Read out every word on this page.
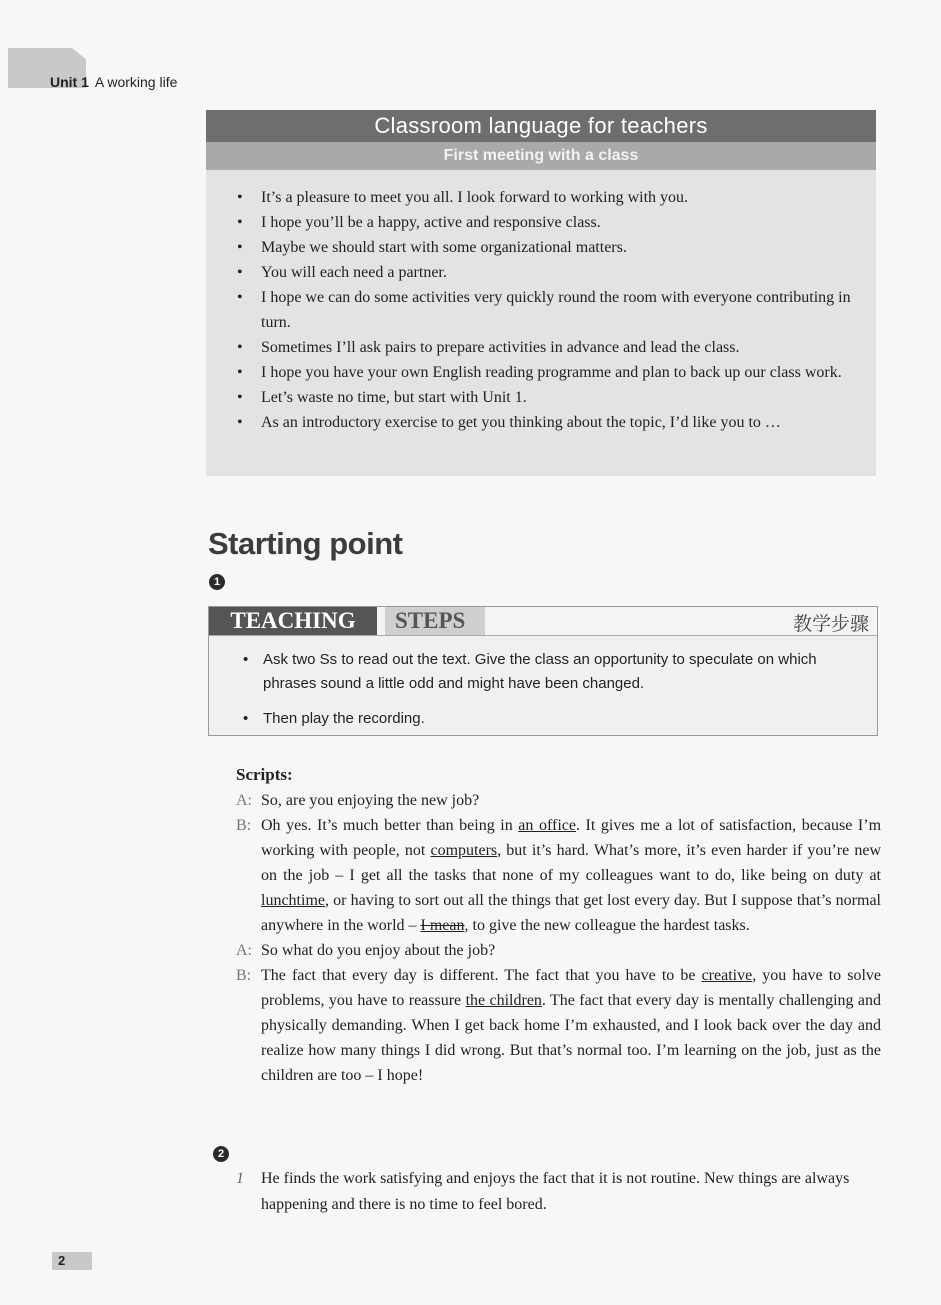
Unit 1 A working life
Classroom language for teachers
First meeting with a class
• It’s a pleasure to meet you all. I look forward to working with you.
• I hope you’ll be a happy, active and responsive class.
• Maybe we should start with some organizational matters.
• You will each need a partner.
• I hope we can do some activities very quickly round the room with everyone contributing in turn.
• Sometimes I’ll ask pairs to prepare activities in advance and lead the class.
• I hope you have your own English reading programme and plan to back up our class work.
• Let’s waste no time, but start with Unit 1.
• As an introductory exercise to get you thinking about the topic, I’d like you to …
Starting point
1
TEACHING	STEPS	教学步骤
• Ask two Ss to read out the text. Give the class an opportunity to speculate on which phrases sound a little odd and might have been changed.
• Then play the recording.
Scripts:
A: So, are you enjoying the new job?
B: Oh yes. It’s much better than being in an office. It gives me a lot of satisfaction, because I’m working with people, not computers, but it’s hard. What’s more, it’s even harder if you’re new on the job – I get all the tasks that none of my colleagues want to do, like being on duty at lunchtime, or having to sort out all the things that get lost every day. But I suppose that’s normal anywhere in the world – I mean, to give the new colleague the hardest tasks.
A: So what do you enjoy about the job?
B: The fact that every day is different. The fact that you have to be creative, you have to solve problems, you have to reassure the children. The fact that every day is mentally challenging and physically demanding. When I get back home I’m exhausted, and I look back over the day and realize how many things I did wrong. But that’s normal too. I’m learning on the job, just as the children are too – I hope!
2
1 He finds the work satisfying and enjoys the fact that it is not routine. New things are always happening and there is no time to feel bored.
2
